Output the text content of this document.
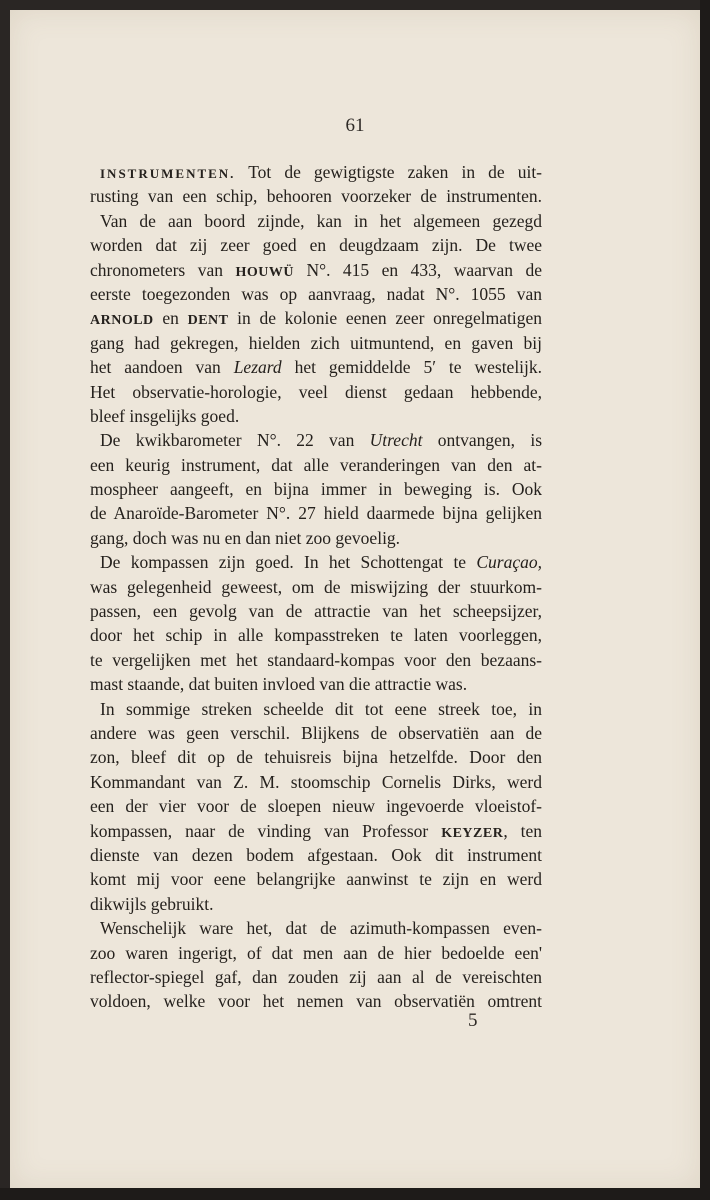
61
INSTRUMENTEN. Tot de gewigtigste zaken in de uit-
rusting van een schip, behooren voorzeker de instrumenten.
Van de aan boord zijnde, kan in het algemeen gezegd
worden dat zij zeer goed en deugdzaam zijn. De twee
chronometers van HOUWÜ N°. 415 en 433, waarvan de
eerste toegezonden was op aanvraag, nadat N°. 1055 van
ARNOLD en DENT in de kolonie eenen zeer onregelmatigen
gang had gekregen, hielden zich uitmuntend, en gaven bij
het aandoen van Lezard het gemiddelde 5′ te westelijk.
Het observatie-horologie, veel dienst gedaan hebbende,
bleef insgelijks goed.
De kwikbarometer N°. 22 van Utrecht ontvangen, is
een keurig instrument, dat alle veranderingen van den at-
mospheer aangeeft, en bijna immer in beweging is. Ook
de Anaroïde-Barometer N°. 27 hield daarmede bijna gelijken
gang, doch was nu en dan niet zoo gevoelig.
De kompassen zijn goed. In het Schottengat te Curaçao,
was gelegenheid geweest, om de miswijzing der stuurkom-
passen, een gevolg van de attractie van het scheepsijzer,
door het schip in alle kompasstreken te laten voorleggen,
te vergelijken met het standaard-kompas voor den bezaans-
mast staande, dat buiten invloed van die attractie was.
In sommige streken scheelde dit tot eene streek toe, in
andere was geen verschil. Blijkens de observatiën aan de
zon, bleef dit op de tehuisreis bijna hetzelfde. Door den
Kommandant van Z. M. stoomschip Cornelis Dirks, werd
een der vier voor de sloepen nieuw ingevoerde vloeistof-
kompassen, naar de vinding van Professor KEYZER, ten
dienste van dezen bodem afgestaan. Ook dit instrument
komt mij voor eene belangrijke aanwinst te zijn en werd
dikwijls gebruikt.
Wenschelijk ware het, dat de azimuth-kompassen even-
zoo waren ingerigt, of dat men aan de hier bedoelde een'
reflector-spiegel gaf, dan zouden zij aan al de vereischten
voldoen, welke voor het nemen van observatiën omtrent
5
